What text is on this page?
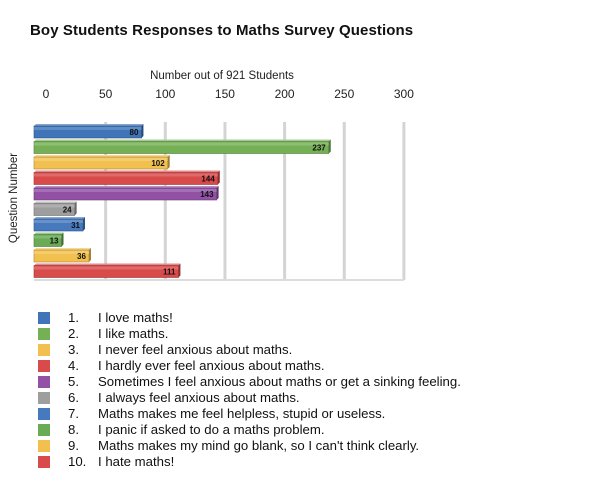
Boy Students Responses to Maths Survey Questions
Number out of 921 Students
Question Number
0	50	100	150	200	250	300
80
237
102
144
143
24
31
13
36
111
1.	I love maths!
2.	I like maths.
3.	I never feel anxious about maths.
4.	I hardly ever feel anxious about maths.
5.	Sometimes I feel anxious about maths or get a sinking feeling.
6.	I always feel anxious about maths.
7.	Maths makes me feel helpless, stupid or useless.
8.	I panic if asked to do a maths problem.
9.	Maths makes my mind go blank, so I can't think clearly.
10. I hate maths!
